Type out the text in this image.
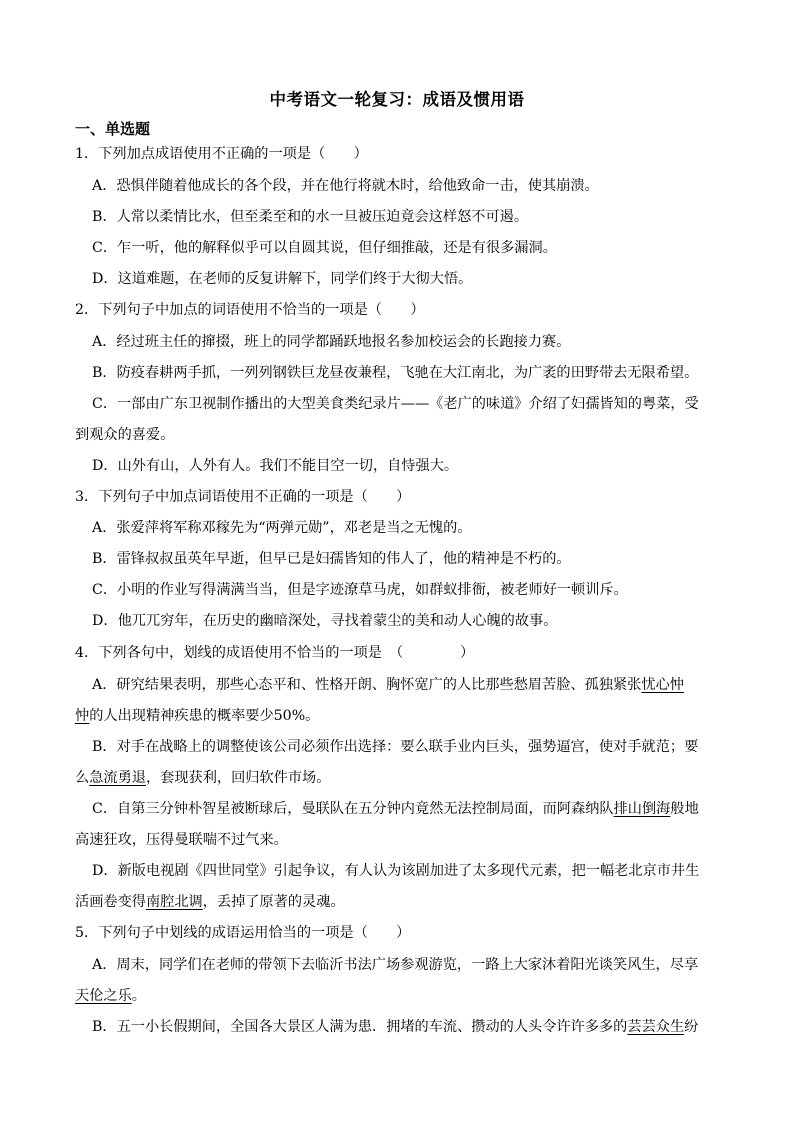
中考语文一轮复习：成语及惯用语
一、单选题
1．下列加点成语使用不正确的一项是（　　）
A．恐惧伴随着他成长的各个段，并在他行将就木时，给他致命一击，使其崩溃。
B．人常以柔情比水，但至柔至和的水一旦被压迫竟会这样怒不可遏。
C．乍一听，他的解释似乎可以自圆其说，但仔细推敲，还是有很多漏洞。
D．这道难题，在老师的反复讲解下，同学们终于大彻大悟。
2．下列句子中加点的词语使用不恰当的一项是（　　）
A．经过班主任的撺掇，班上的同学都踊跃地报名参加校运会的长跑接力赛。
B．防疫春耕两手抓，一列列钢铁巨龙昼夜兼程，飞驰在大江南北，为广袤的田野带去无限希望。
C．一部由广东卫视制作播出的大型美食类纪录片——《老广的味道》介绍了妇孺皆知的粤菜，受
到观众的喜爱。
D．山外有山，人外有人。我们不能目空一切，自恃强大。
3．下列句子中加点词语使用不正确的一项是（　　）
A．张爱萍将军称邓稼先为“两弹元勋”，邓老是当之无愧的。
B．雷锋叔叔虽英年早逝，但早已是妇孺皆知的伟人了，他的精神是不朽的。
C．小明的作业写得满满当当，但是字迹潦草马虎，如群蚁排衙，被老师好一顿训斥。
D．他兀兀穷年，在历史的幽暗深处，寻找着蒙尘的美和动人心魄的故事。
4．下列各句中，划线的成语使用不恰当的一项是　（　　　　）
A．研究结果表明，那些心态平和、性格开朗、胸怀宽广的人比那些愁眉苦脸、孤独紧张忧心忡
忡的人出现精神疾患的概率要少50%。
B．对手在战略上的调整使该公司必须作出选择：要么联手业内巨头，强势逼宫，使对手就范；要
么急流勇退，套现获利，回归软件市场。
C．自第三分钟朴智星被断球后，曼联队在五分钟内竟然无法控制局面，而阿森纳队排山倒海般地
高速狂攻，压得曼联喘不过气来。
D．新版电视剧《四世同堂》引起争议，有人认为该剧加进了太多现代元素，把一幅老北京市井生
活画卷变得南腔北调，丢掉了原著的灵魂。
5．下列句子中划线的成语运用恰当的一项是（　　）
A．周末，同学们在老师的带领下去临沂书法广场参观游览，一路上大家沐着阳光谈笑风生，尽享
天伦之乐。
B．五一小长假期间，全国各大景区人满为患．拥堵的车流、攒动的人头令许许多多的芸芸众生纷
